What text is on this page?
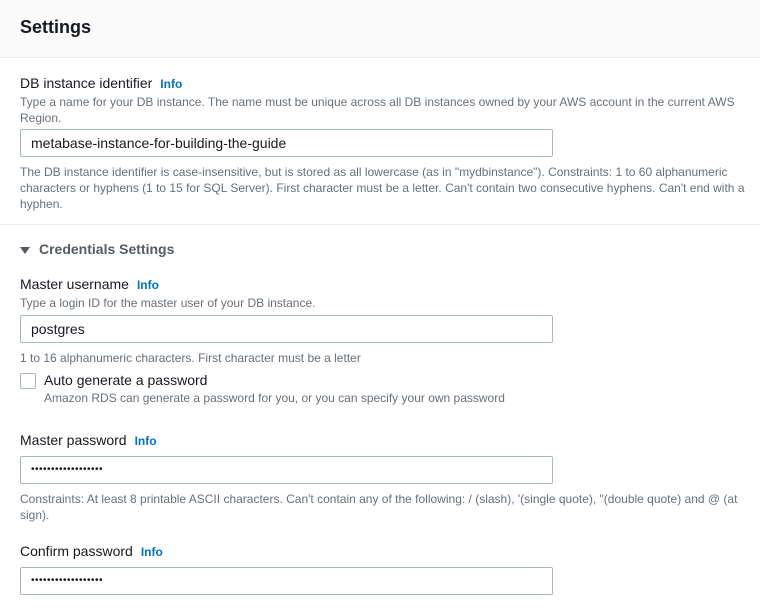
Settings
DB instance identifier Info
Type a name for your DB instance. The name must be unique across all DB instances owned by your AWS account in the current AWS Region.
metabase-instance-for-building-the-guide
The DB instance identifier is case-insensitive, but is stored as all lowercase (as in "mydbinstance"). Constraints: 1 to 60 alphanumeric characters or hyphens (1 to 15 for SQL Server). First character must be a letter. Can't contain two consecutive hyphens. Can't end with a hyphen.
Credentials Settings
Master username Info
Type a login ID for the master user of your DB instance.
postgres
1 to 16 alphanumeric characters. First character must be a letter
Auto generate a password
Amazon RDS can generate a password for you, or you can specify your own password
Master password Info
••••••••••••••••••
Constraints: At least 8 printable ASCII characters. Can't contain any of the following: / (slash), '(single quote), "(double quote) and @ (at sign).
Confirm password Info
••••••••••••••••••
